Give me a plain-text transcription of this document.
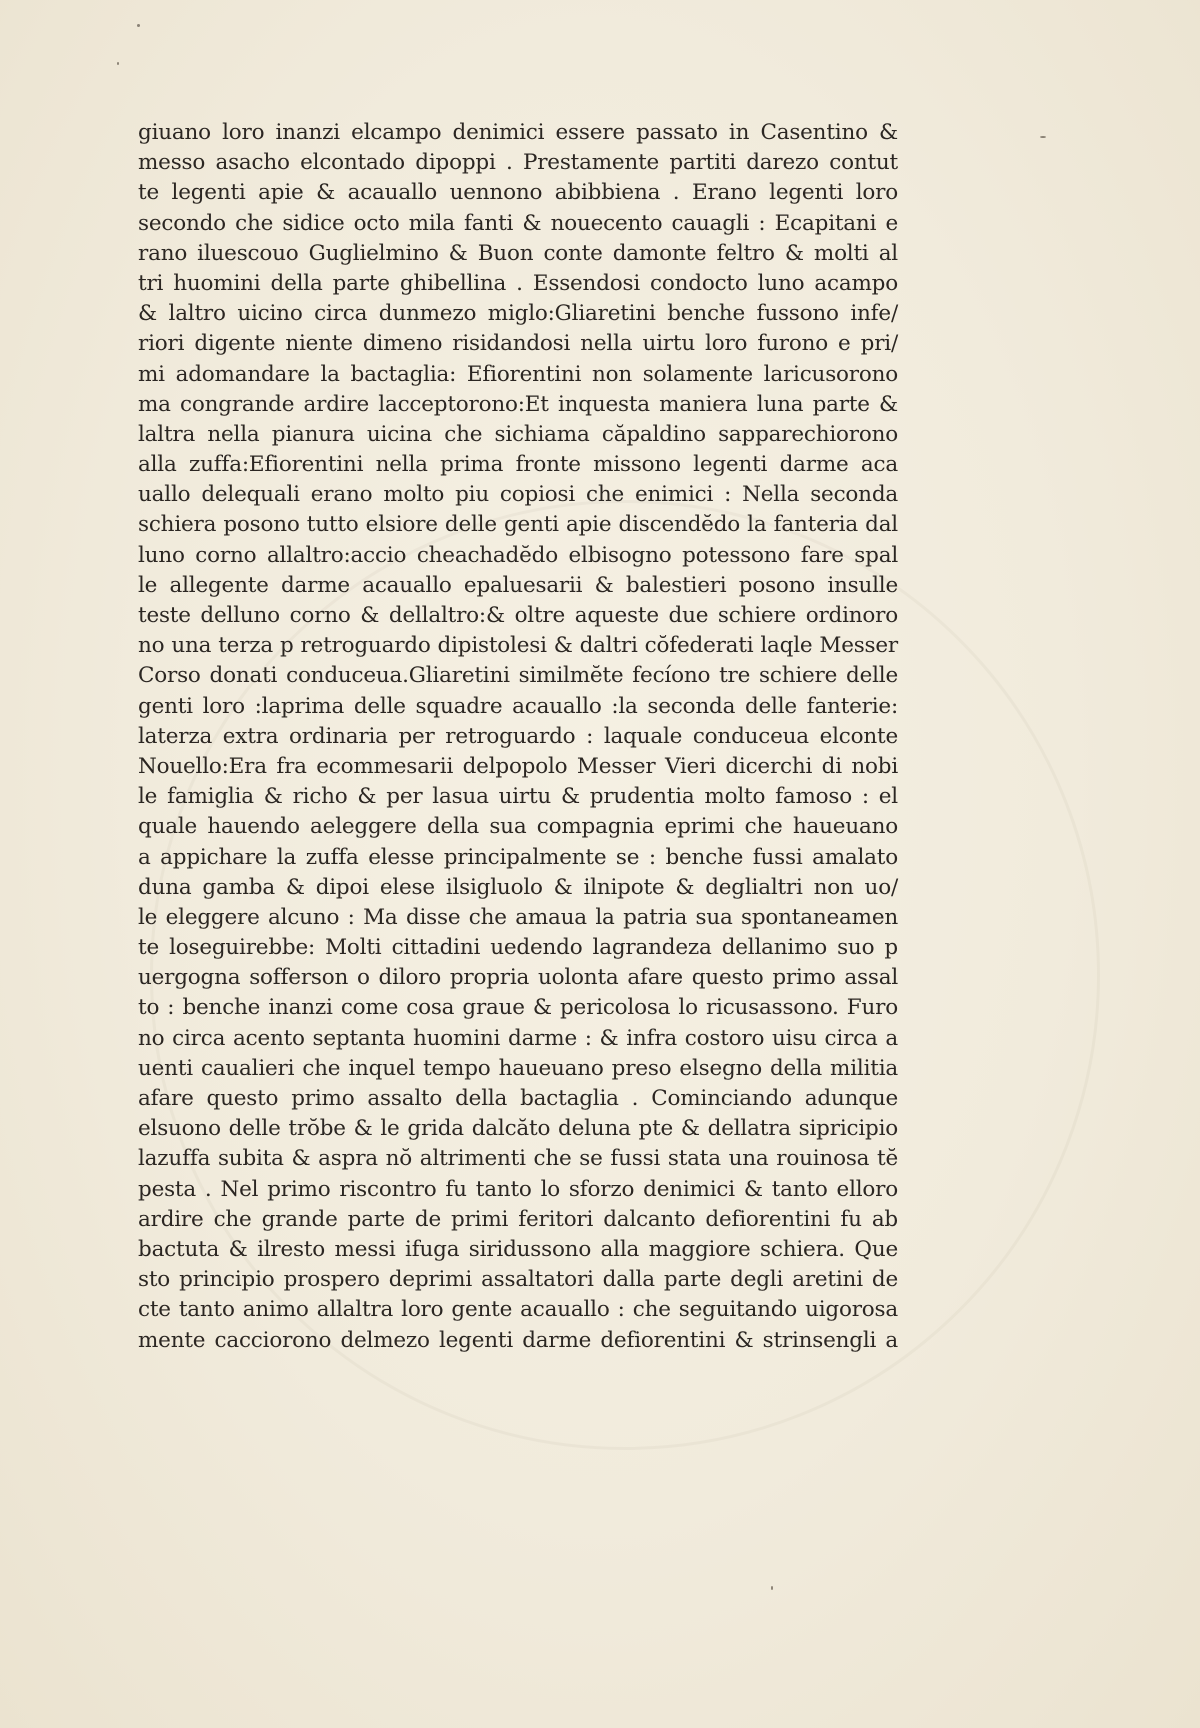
giuano loro inanzi elcampo denimici essere passato in Casentino &
messo asacho elcontado dipoppi . Prestamente partiti darezo contut
te legenti apie & acauallo uennono abibbiena . Erano legenti loro
secondo che sidice octo mila fanti & nouecento cauagli : Ecapitani e
rano iluescouo Guglielmino & Buon conte damonte feltro & molti al
tri huomini della parte ghibellina . Essendosi condocto luno acampo
& laltro uicino circa dunmezo miglo:Gliaretini benche fussono infe/
riori digente niente dimeno risidandosi nella uirtu loro furono e pri/
mi adomandare la bactaglia: Efiorentini non solamente laricusorono
ma congrande ardire lacceptorono:Et inquesta maniera luna parte &
laltra nella pianura uicina che sichiama căpaldino sapparechiorono
alla zuffa:Efiorentini nella prima fronte missono legenti darme aca
uallo delequali erano molto piu copiosi che enimici : Nella seconda
schiera posono tutto elsiore delle genti apie discendĕdo la fanteria dal
luno corno allaltro:accio cheachadĕdo elbisogno potessono fare spal
le allegente darme acauallo epaluesarii & balestieri posono insulle
teste delluno corno & dellaltro:& oltre aqueste due schiere ordinoro
no una terza p retroguardo dipistolesi & daltri cŏfederati laqle Messer
Corso donati conduceua.Gliaretini similmĕte fecíono tre schiere delle
genti loro :laprima delle squadre acauallo :la seconda delle fanterie:
laterza extra ordinaria per retroguardo : laquale conduceua elconte
Nouello:Era fra ecommesarii delpopolo Messer Vieri dicerchi di nobi
le famiglia & richo & per lasua uirtu & prudentia molto famoso : el
quale hauendo aeleggere della sua compagnia eprimi che haueuano
a appichare la zuffa elesse principalmente se : benche fussi amalato
duna gamba & dipoi elese ilsigluolo & ilnipote & deglialtri non uo/
le eleggere alcuno : Ma disse che amaua la patria sua spontaneamen
te loseguirebbe: Molti cittadini uedendo lagrandeza dellanimo suo p
uergogna sofferson o diloro propria uolonta afare questo primo assal
to : benche inanzi come cosa graue & pericolosa lo ricusassono. Furo
no circa acento septanta huomini darme : & infra costoro uisu circa a
uenti caualieri che inquel tempo haueuano preso elsegno della militia
afare questo primo assalto della bactaglia . Cominciando adunque
elsuono delle trŏbe & le grida dalcăto deluna pte & dellatra sipricipio
lazuffa subita & aspra nŏ altrimenti che se fussi stata una rouinosa tĕ
pesta . Nel primo riscontro fu tanto lo sforzo denimici & tanto elloro
ardire che grande parte de primi feritori dalcanto defiorentini fu ab
bactuta & ilresto messi ifuga siridussono alla maggiore schiera. Que
sto principio prospero deprimi assaltatori dalla parte degli aretini de
cte tanto animo allaltra loro gente acauallo : che seguitando uigorosa
mente cacciorono delmezo legenti darme defiorentini & strinsengli a
